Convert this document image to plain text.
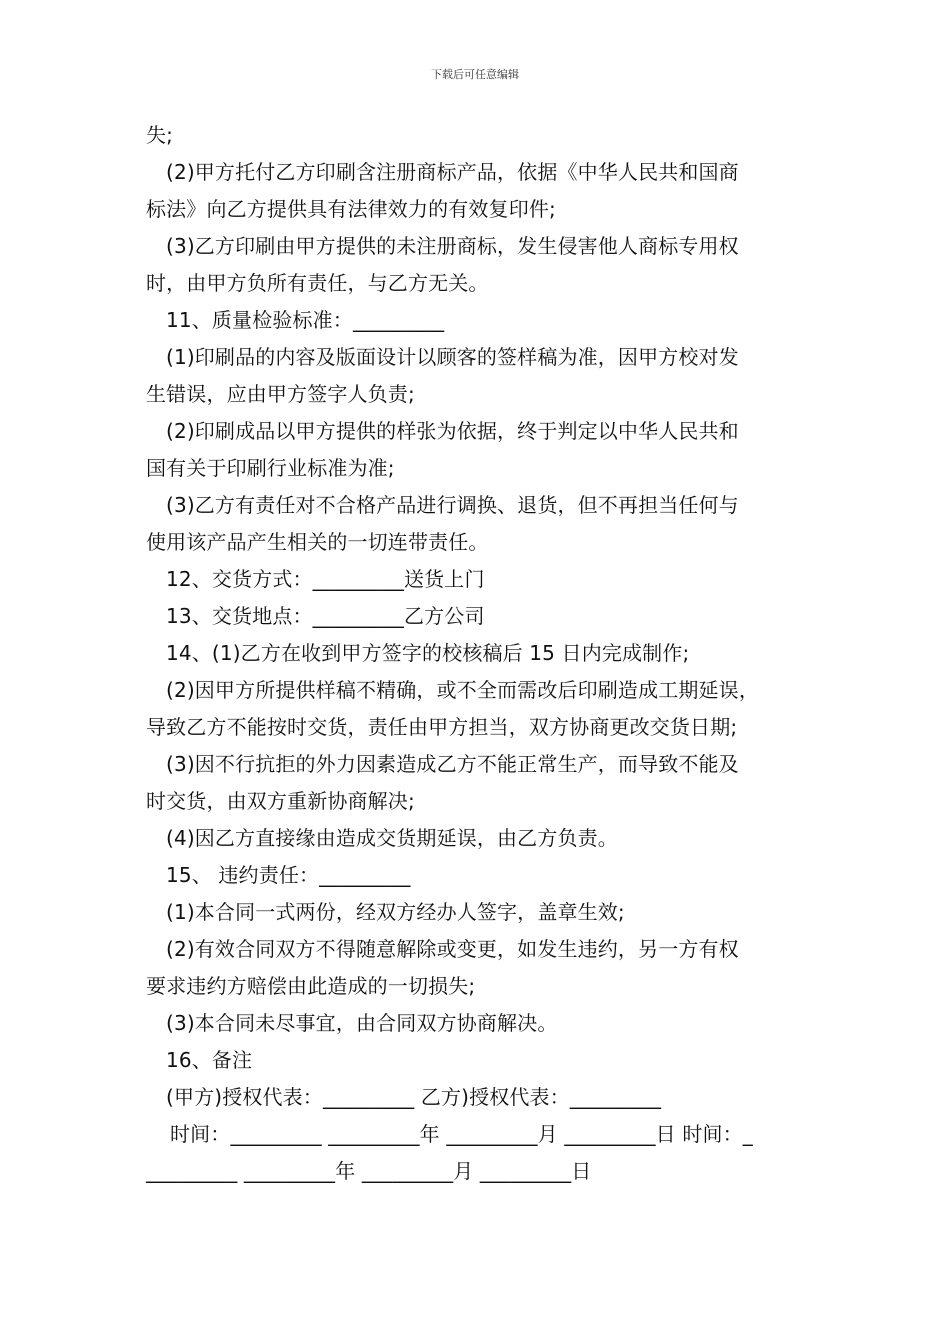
下载后可任意编辑
失;
(2)甲方托付乙方印刷含注册商标产品，依据《中华人民共和国商
标法》向乙方提供具有法律效力的有效复印件;
(3)乙方印刷由甲方提供的未注册商标，发生侵害他人商标专用权
时，由甲方负所有责任，与乙方无关。
11、质量检验标准：_________
(1)印刷品的内容及版面设计以顾客的签样稿为准，因甲方校对发
生错误，应由甲方签字人负责;
(2)印刷成品以甲方提供的样张为依据，终于判定以中华人民共和
国有关于印刷行业标准为准;
(3)乙方有责任对不合格产品进行调换、退货，但不再担当任何与
使用该产品产生相关的一切连带责任。
12、交货方式：_________送货上门
13、交货地点：_________乙方公司
14、(1)乙方在收到甲方签字的校核稿后 15 日内完成制作;
(2)因甲方所提供样稿不精确，或不全而需改后印刷造成工期延误，
导致乙方不能按时交货，责任由甲方担当，双方协商更改交货日期;
(3)因不行抗拒的外力因素造成乙方不能正常生产，而导致不能及
时交货，由双方重新协商解决;
(4)因乙方直接缘由造成交货期延误，由乙方负责。
15、 违约责任：_________
(1)本合同一式两份，经双方经办人签字，盖章生效;
(2)有效合同双方不得随意解除或变更，如发生违约，另一方有权
要求违约方赔偿由此造成的一切损失;
(3)本合同未尽事宜，由合同双方协商解决。
16、备注
(甲方)授权代表：_________ 乙方)授权代表：_________
时间：_________ _________年 _________月 _________日 时间：_
_________ _________年 _________月 _________日
